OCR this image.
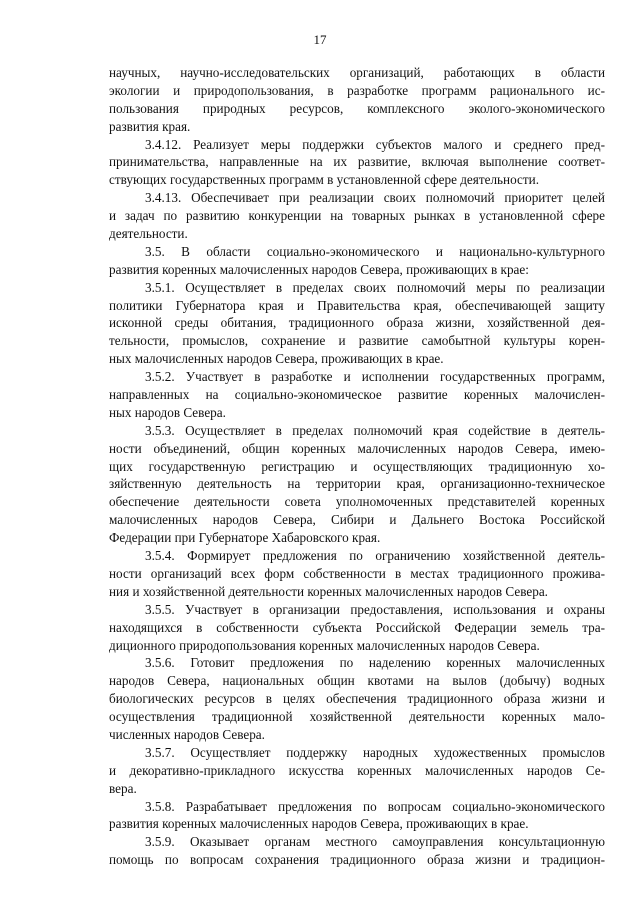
17
научных, научно-исследовательских организаций, работающих в области
экологии и природопользования, в разработке программ рационального ис-
пользования природных ресурсов, комплексного эколого-экономического
развития края.
3.4.12. Реализует меры поддержки субъектов малого и среднего пред-
принимательства, направленные на их развитие, включая выполнение соответ-
ствующих государственных программ в установленной сфере деятельности.
3.4.13. Обеспечивает при реализации своих полномочий приоритет целей
и задач по развитию конкуренции на товарных рынках в установленной сфере
деятельности.
3.5. В области социально-экономического и национально-культурного
развития коренных малочисленных народов Севера, проживающих в крае:
3.5.1. Осуществляет в пределах своих полномочий меры по реализации
политики Губернатора края и Правительства края, обеспечивающей защиту
исконной среды обитания, традиционного образа жизни, хозяйственной дея-
тельности, промыслов, сохранение и развитие самобытной культуры корен-
ных малочисленных народов Севера, проживающих в крае.
3.5.2. Участвует в разработке и исполнении государственных программ,
направленных на социально-экономическое развитие коренных малочислен-
ных народов Севера.
3.5.3. Осуществляет в пределах полномочий края содействие в деятель-
ности объединений, общин коренных малочисленных народов Севера, имею-
щих государственную регистрацию и осуществляющих традиционную хо-
зяйственную деятельность на территории края, организационно-техническое
обеспечение деятельности совета уполномоченных представителей коренных
малочисленных народов Севера, Сибири и Дальнего Востока Российской
Федерации при Губернаторе Хабаровского края.
3.5.4. Формирует предложения по ограничению хозяйственной деятель-
ности организаций всех форм собственности в местах традиционного прожива-
ния и хозяйственной деятельности коренных малочисленных народов Севера.
3.5.5. Участвует в организации предоставления, использования и охраны
находящихся в собственности субъекта Российской Федерации земель тра-
диционного природопользования коренных малочисленных народов Севера.
3.5.6. Готовит предложения по наделению коренных малочисленных
народов Севера, национальных общин квотами на вылов (добычу) водных
биологических ресурсов в целях обеспечения традиционного образа жизни и
осуществления традиционной хозяйственной деятельности коренных мало-
численных народов Севера.
3.5.7. Осуществляет поддержку народных художественных промыслов
и декоративно-прикладного искусства коренных малочисленных народов Се-
вера.
3.5.8. Разрабатывает предложения по вопросам социально-экономического
развития коренных малочисленных народов Севера, проживающих в крае.
3.5.9. Оказывает органам местного самоуправления консультационную
помощь по вопросам сохранения традиционного образа жизни и традицион-
